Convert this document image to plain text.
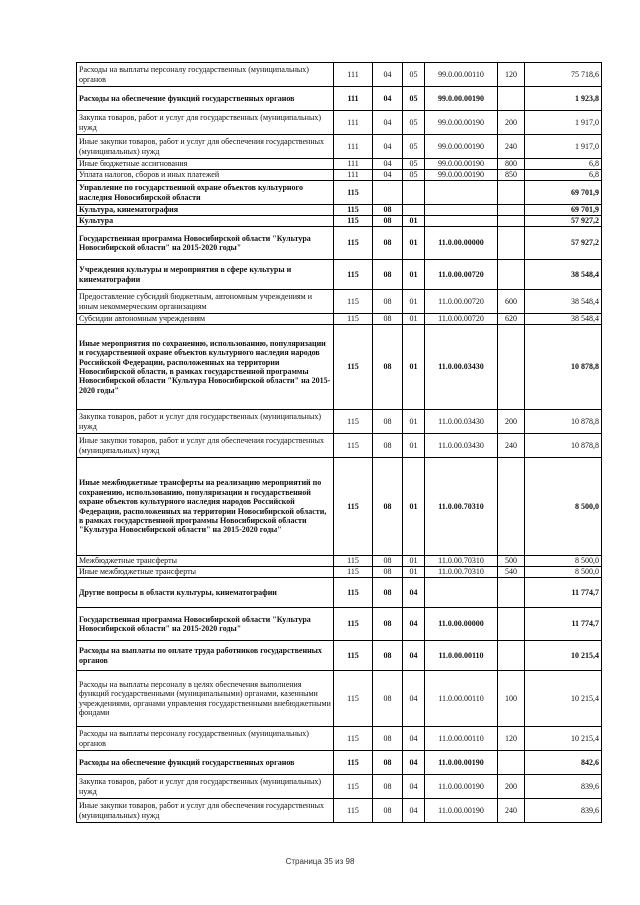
Расходы на выплаты персоналу государственных (муниципальных) органов	111	04	05	99.0.00.00110	120	75 718,6
Расходы на обеспечение функций государственных органов	111	04	05	99.0.00.00190		1 923,8
Закупка товаров, работ и услуг для государственных (муниципальных) нужд	111	04	05	99.0.00.00190	200	1 917,0
Иные закупки товаров, работ и услуг для обеспечения государственных (муниципальных) нужд	111	04	05	99.0.00.00190	240	1 917,0
Иные бюджетные ассигнования	111	04	05	99.0.00.00190	800	6,8
Уплата налогов, сборов и иных платежей	111	04	05	99.0.00.00190	850	6,8
Управление по государственной охране объектов культурного наследия Новосибирской области	115					69 701,9
Культура, кинематография	115	08				69 701,9
Культура	115	08	01			57 927,2
Государственная программа Новосибирской области "Культура Новосибирской области" на 2015-2020 годы"	115	08	01	11.0.00.00000		57 927,2
Учреждения культуры и мероприятия в сфере культуры и кинематографии	115	08	01	11.0.00.00720		38 548,4
Предоставление субсидий бюджетным, автономным учреждениям и иным некоммерческим организациям	115	08	01	11.0.00.00720	600	38 548,4
Субсидии автономным учреждениям	115	08	01	11.0.00.00720	620	38 548,4
Иные мероприятия по сохранению, использованию, популяризации и государственной охране объектов культурного наследия народов Российской Федерации, расположенных на территории Новосибирской области, в рамках государственной программы Новосибирской области "Культура Новосибирской области" на 2015-2020 годы"	115	08	01	11.0.00.03430		10 878,8
Закупка товаров, работ и услуг для государственных (муниципальных) нужд	115	08	01	11.0.00.03430	200	10 878,8
Иные закупки товаров, работ и услуг для обеспечения государственных (муниципальных) нужд	115	08	01	11.0.00.03430	240	10 878,8
Иные межбюджетные трансферты на реализацию мероприятий по сохранению, использованию, популяризации и государственной охране объектов культурного наследия народов Российской Федерации, расположенных на территории Новосибирской области, в рамках государственной программы Новосибирской области "Культура Новосибирской области" на 2015-2020 годы"	115	08	01	11.0.00.70310		8 500,0
Межбюджетные трансферты	115	08	01	11.0.00.70310	500	8 500,0
Иные межбюджетные трансферты	115	08	01	11.0.00.70310	540	8 500,0
Другие вопросы в области культуры, кинематографии	115	08	04			11 774,7
Государственная программа Новосибирской области "Культура Новосибирской области" на 2015-2020 годы"	115	08	04	11.0.00.00000		11 774,7
Расходы на выплаты по оплате труда работников государственных органов	115	08	04	11.0.00.00110		10 215,4
Расходы на выплаты персоналу в целях обеспечения выполнения функций государственными (муниципальными) органами, казенными учреждениями, органами управления государственными внебюджетными фондами	115	08	04	11.0.00.00110	100	10 215,4
Расходы на выплаты персоналу государственных (муниципальных) органов	115	08	04	11.0.00.00110	120	10 215,4
Расходы на обеспечение функций государственных органов	115	08	04	11.0.00.00190		842,6
Закупка товаров, работ и услуг для государственных (муниципальных) нужд	115	08	04	11.0.00.00190	200	839,6
Иные закупки товаров, работ и услуг для обеспечения государственных (муниципальных) нужд	115	08	04	11.0.00.00190	240	839,6
Страница 35 из 98
